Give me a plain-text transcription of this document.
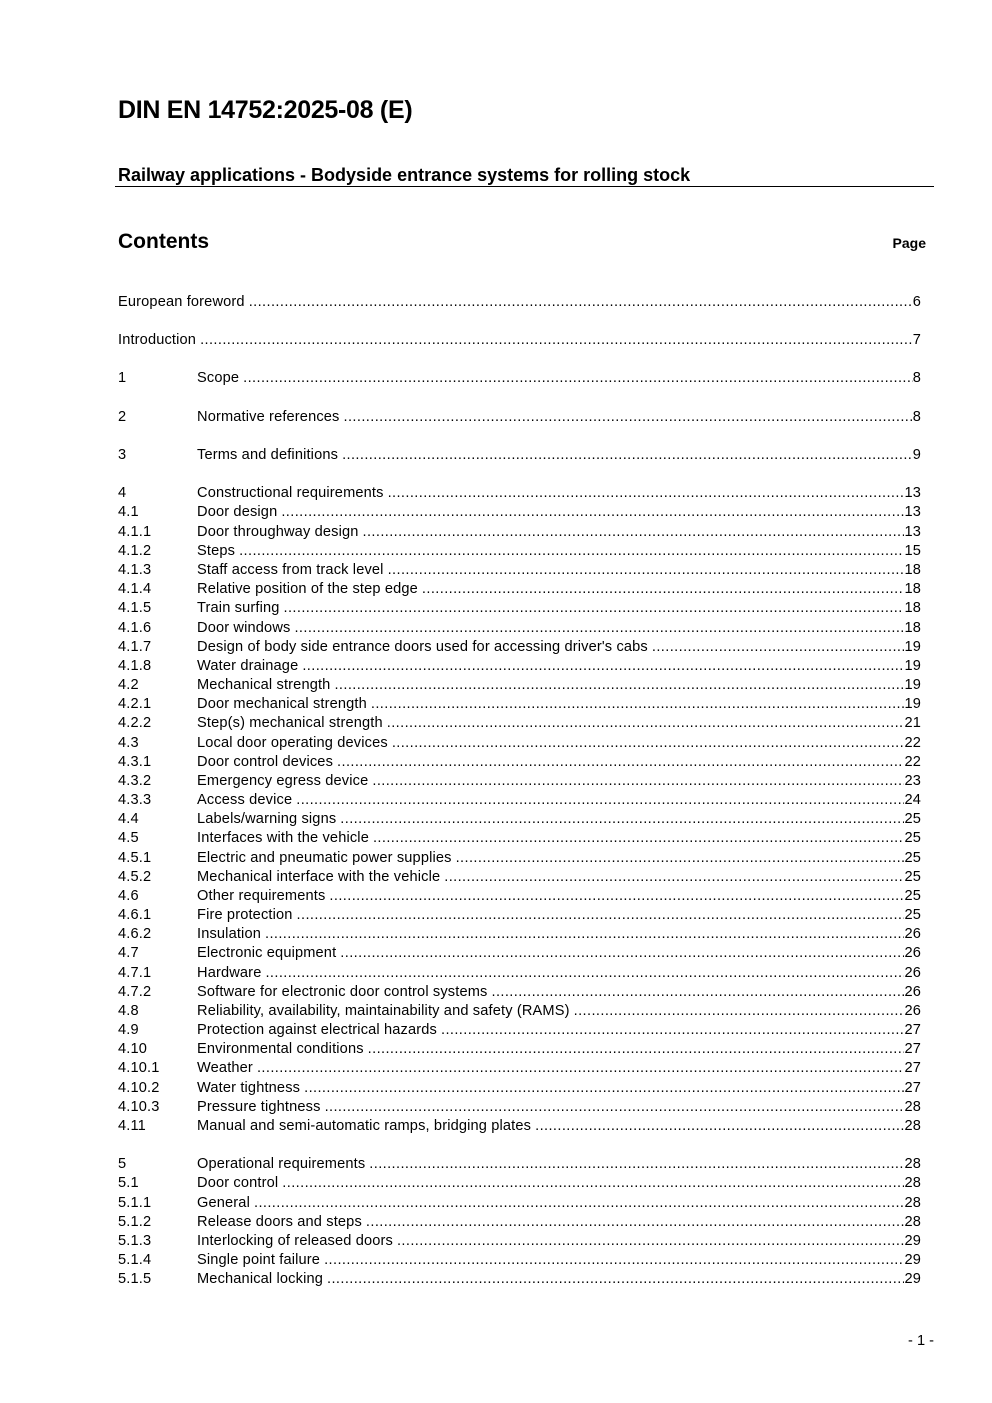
DIN EN 14752:2025-08 (E)
Railway applications - Bodyside entrance systems for rolling stock
Contents	Page
European foreword .....	6
Introduction .....	7
1	Scope .....	8
2	Normative references .....	8
3	Terms and definitions .....	9
4	Constructional requirements .....	13
4.1	Door design .....	13
4.1.1	Door throughway design .....	13
4.1.2	Steps .....	15
4.1.3	Staff access from track level .....	18
4.1.4	Relative position of the step edge .....	18
4.1.5	Train surfing .....	18
4.1.6	Door windows .....	18
4.1.7	Design of body side entrance doors used for accessing driver's cabs .....	19
4.1.8	Water drainage .....	19
4.2	Mechanical strength .....	19
4.2.1	Door mechanical strength .....	19
4.2.2	Step(s) mechanical strength .....	21
4.3	Local door operating devices .....	22
4.3.1	Door control devices .....	22
4.3.2	Emergency egress device .....	23
4.3.3	Access device .....	24
4.4	Labels/warning signs .....	25
4.5	Interfaces with the vehicle .....	25
4.5.1	Electric and pneumatic power supplies .....	25
4.5.2	Mechanical interface with the vehicle .....	25
4.6	Other requirements .....	25
4.6.1	Fire protection .....	25
4.6.2	Insulation .....	26
4.7	Electronic equipment .....	26
4.7.1	Hardware .....	26
4.7.2	Software for electronic door control systems .....	26
4.8	Reliability, availability, maintainability and safety (RAMS) .....	26
4.9	Protection against electrical hazards .....	27
4.10	Environmental conditions .....	27
4.10.1	Weather .....	27
4.10.2	Water tightness .....	27
4.10.3	Pressure tightness .....	28
4.11	Manual and semi-automatic ramps, bridging plates .....	28
5	Operational requirements .....	28
5.1	Door control .....	28
5.1.1	General .....	28
5.1.2	Release doors and steps .....	28
5.1.3	Interlocking of released doors .....	29
5.1.4	Single point failure .....	29
5.1.5	Mechanical locking .....	29
- 1 -
